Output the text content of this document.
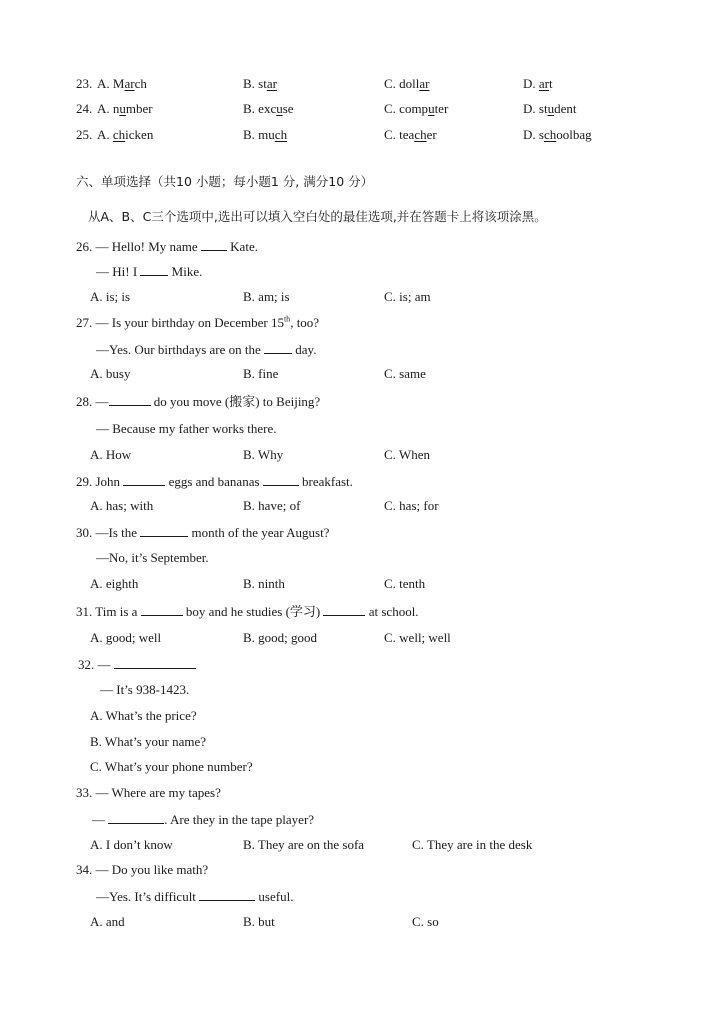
23. A. March	B. star	C. dollar	D. art
24. A. number	B. excuse	C. computer	D. student
25. A. chicken	B. much	C. teacher	D. schoolbag
六、单项选择（共10 小题；每小题1 分, 满分10 分）
从A、B、C三个选项中,选出可以填入空白处的最佳选项,并在答题卡上将该项涂黑。
26. — Hello! My name  Kate.
— Hi! I  Mike.
A. is; is	B. am; is	C. is; am
27. — Is your birthday on December 15th, too?
—Yes. Our birthdays are on the  day.
A. busy	B. fine	C. same
28. —	do you move (搬家) to Beijing?
— Because my father works there.
A. How	B. Why	C. When
29. John	eggs and bananas	breakfast.
A. has; with	B. have; of	C. has; for
30. —Is the	month of the year August?
—No, it’s September.
A. eighth	B. ninth	C. tenth
31. Tim is a	boy and he studies (学习)	at school.
A. good; well	B. good; good	C. well; well
32. —
— It’s 938-1423.
A. What’s the price?
B. What’s your name?
C. What’s your phone number?
33. — Where are my tapes?
—	. Are they in the tape player?
A. I don’t know	B. They are on the sofa	C. They are in the desk
34. — Do you like math?
—Yes. It’s difficult	useful.
A. and	B. but	C. so
